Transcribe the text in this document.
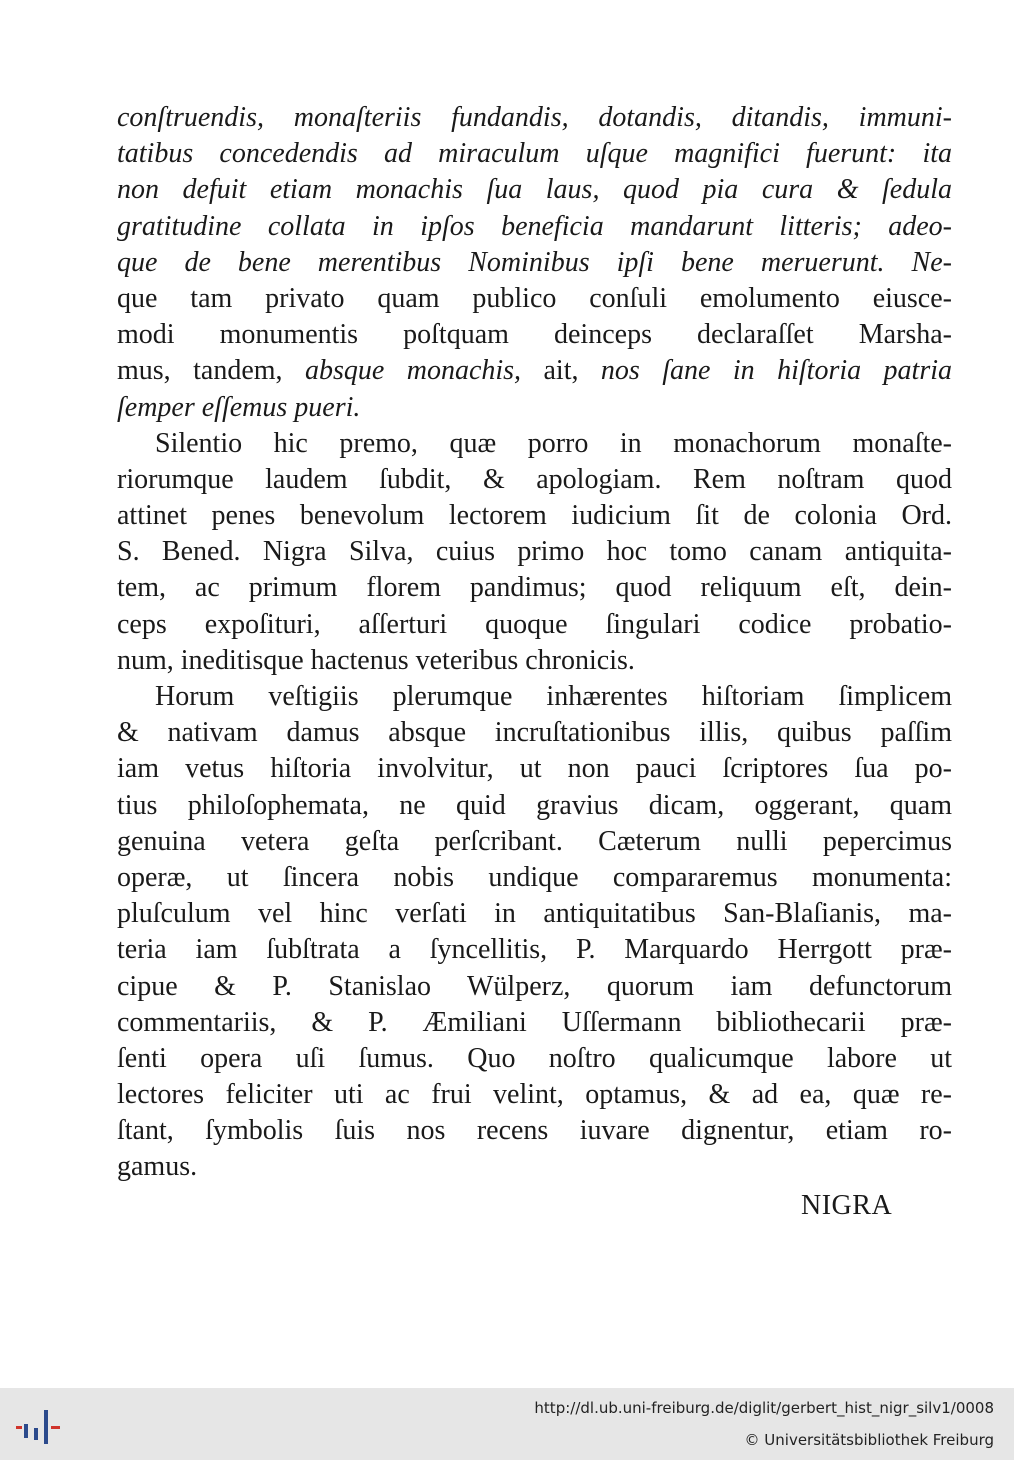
conſtruendis, monaſteriis fundandis, dotandis, ditandis, immuni-
tatibus concedendis ad miraculum uſque magnifici fuerunt: ita
non defuit etiam monachis ſua laus, quod pia cura & ſedula
gratitudine collata in ipſos beneficia mandarunt litteris; adeo-
que de bene merentibus Nominibus ipſi bene meruerunt. Ne-
que tam privato quam publico conſuli emolumento eiusce-
modi monumentis poſtquam deinceps declaraſſet Marsha-
mus, tandem, absque monachis, ait, nos ſane in hiſtoria patria
ſemper eſſemus pueri.
Silentio hic premo, quæ porro in monachorum monaſte-
riorumque laudem ſubdit, & apologiam. Rem noſtram quod
attinet penes benevolum lectorem iudicium ſit de colonia Ord.
S. Bened. Nigra Silva, cuius primo hoc tomo canam antiquita-
tem, ac primum florem pandimus; quod reliquum eſt, dein-
ceps expoſituri, aſſerturi quoque ſingulari codice probatio-
num, ineditisque hactenus veteribus chronicis.
Horum veſtigiis plerumque inhærentes hiſtoriam ſimplicem
& nativam damus absque incruſtationibus illis, quibus paſſim
iam vetus hiſtoria involvitur, ut non pauci ſcriptores ſua po-
tius philoſophemata, ne quid gravius dicam, oggerant, quam
genuina vetera geſta perſcribant. Cæterum nulli pepercimus
operæ, ut ſincera nobis undique compararemus monumenta:
pluſculum vel hinc verſati in antiquitatibus San-Blaſianis, ma-
teria iam ſubſtrata a ſyncellitis, P. Marquardo Herrgott præ-
cipue & P. Stanislao Wülperz, quorum iam defunctorum
commentariis, & P. Æmiliani Uſſermann bibliothecarii præ-
ſenti opera uſi ſumus. Quo noſtro qualicumque labore ut
lectores feliciter uti ac frui velint, optamus, & ad ea, quæ re-
ſtant, ſymbolis ſuis nos recens iuvare dignentur, etiam ro-
gamus.
NIGRA
http://dl.ub.uni-freiburg.de/diglit/gerbert_hist_nigr_silv1/0008
© Universitätsbibliothek Freiburg
